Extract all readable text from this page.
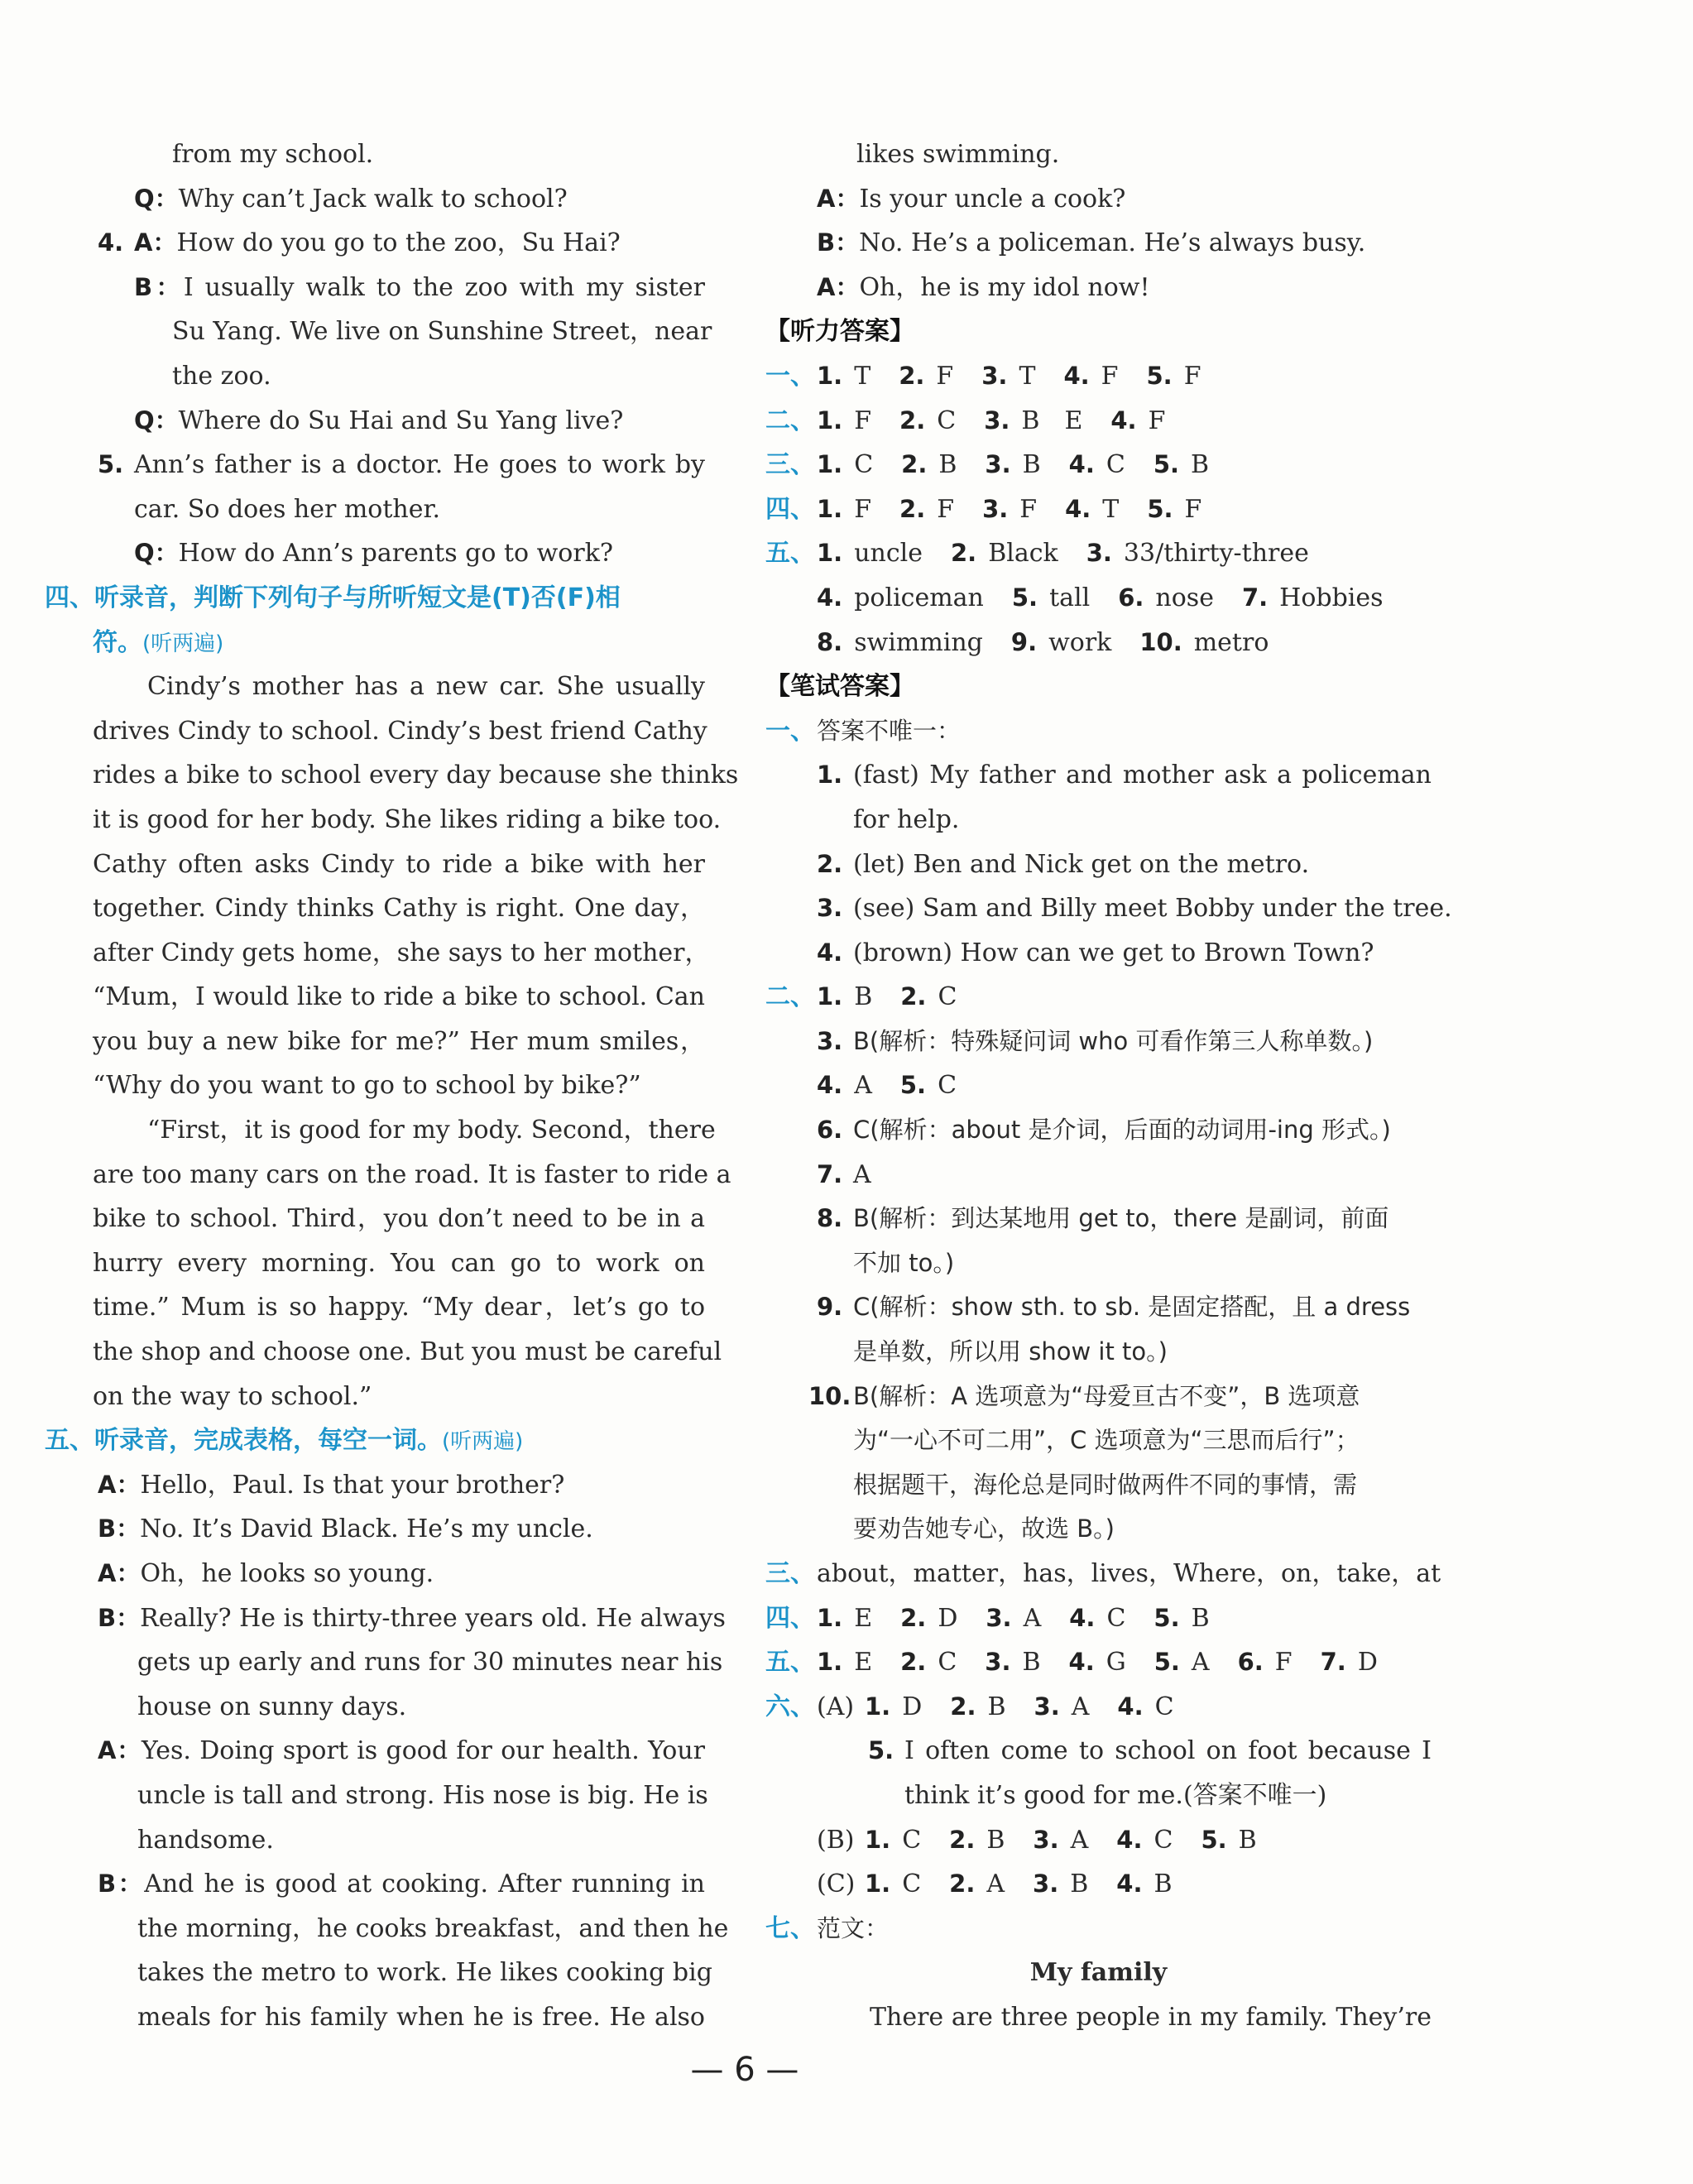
from my school.
Q：Why can’t Jack walk to school?
4. A：How do you go to the zoo，Su Hai?
B：I usually walk to the zoo with my sister
Su Yang. We live on Sunshine Street，near
the zoo.
Q：Where do Su Hai and Su Yang live?
5. Ann’s father is a doctor. He goes to work by
car. So does her mother.
Q：How do Ann’s parents go to work?
四、听录音，判断下列句子与所听短文是(T)否(F)相
符。(听两遍)
Cindy’s mother has a new car. She usually
drives Cindy to school. Cindy’s best friend Cathy
rides a bike to school every day because she thinks
it is good for her body. She likes riding a bike too.
Cathy often asks Cindy to ride a bike with her
together. Cindy thinks Cathy is right. One day，
after Cindy gets home，she says to her mother，
“Mum，I would like to ride a bike to school. Can
you buy a new bike for me?” Her mum smiles，
“Why do you want to go to school by bike?”
“First，it is good for my body. Second，there
are too many cars on the road. It is faster to ride a
bike to school. Third，you don’t need to be in a
hurry every morning. You can go to work on
time.” Mum is so happy. “My dear，let’s go to
the shop and choose one. But you must be careful
on the way to school.”
五、听录音，完成表格，每空一词。(听两遍)
A：Hello，Paul. Is that your brother?
B：No. It’s David Black. He’s my uncle.
A：Oh，he looks so young.
B：Really? He is thirty-three years old. He always
gets up early and runs for 30 minutes near his
house on sunny days.
A：Yes. Doing sport is good for our health. Your
uncle is tall and strong. His nose is big. He is
handsome.
B：And he is good at cooking. After running in
the morning，he cooks breakfast，and then he
takes the metro to work. He likes cooking big
meals for his family when he is free. He also
likes swimming.
A：Is your uncle a cook?
B：No. He’s a policeman. He’s always busy.
A：Oh，he is my idol now!
【听力答案】
一、1. T 2. F 3. T 4. F 5. F
二、1. F 2. C 3. B　E 4. F
三、1. C 2. B 3. B 4. C 5. B
四、1. F 2. F 3. F 4. T 5. F
五、1. uncle 2. Black 3. 33/thirty-three
4. policeman 5. tall 6. nose 7. Hobbies
8. swimming 9. work 10. metro
【笔试答案】
一、答案不唯一：
1. (fast) My father and mother ask a policeman
for help.
2. (let) Ben and Nick get on the metro.
3. (see) Sam and Billy meet Bobby under the tree.
4. (brown) How can we get to Brown Town?
二、1. B 2. C
3. B(解析：特殊疑问词 who 可看作第三人称单数。)
4. A 5. C
6. C(解析：about 是介词，后面的动词用-ing 形式。)
7. A
8. B(解析：到达某地用 get to，there 是副词，前面
不加 to。)
9. C(解析：show sth. to sb. 是固定搭配，且 a dress
是单数，所以用 show it to。)
10.B(解析：A 选项意为“母爱亘古不变”，B 选项意
为“一心不可二用”，C 选项意为“三思而后行”；
根据题干，海伦总是同时做两件不同的事情，需
要劝告她专心，故选 B。)
三、about，matter，has，lives，Where，on，take，at
四、1. E 2. D 3. A 4. C 5. B
五、1. E 2. C 3. B 4. G 5. A 6. F 7. D
六、(A) 1. D 2. B 3. A 4. C
5. I often come to school on foot because I
think it’s good for me.(答案不唯一)
(B) 1. C 2. B 3. A 4. C 5. B
(C) 1. C 2. A 3. B 4. B
七、范文：
My family
There are three people in my family. They’re
— 6 —
